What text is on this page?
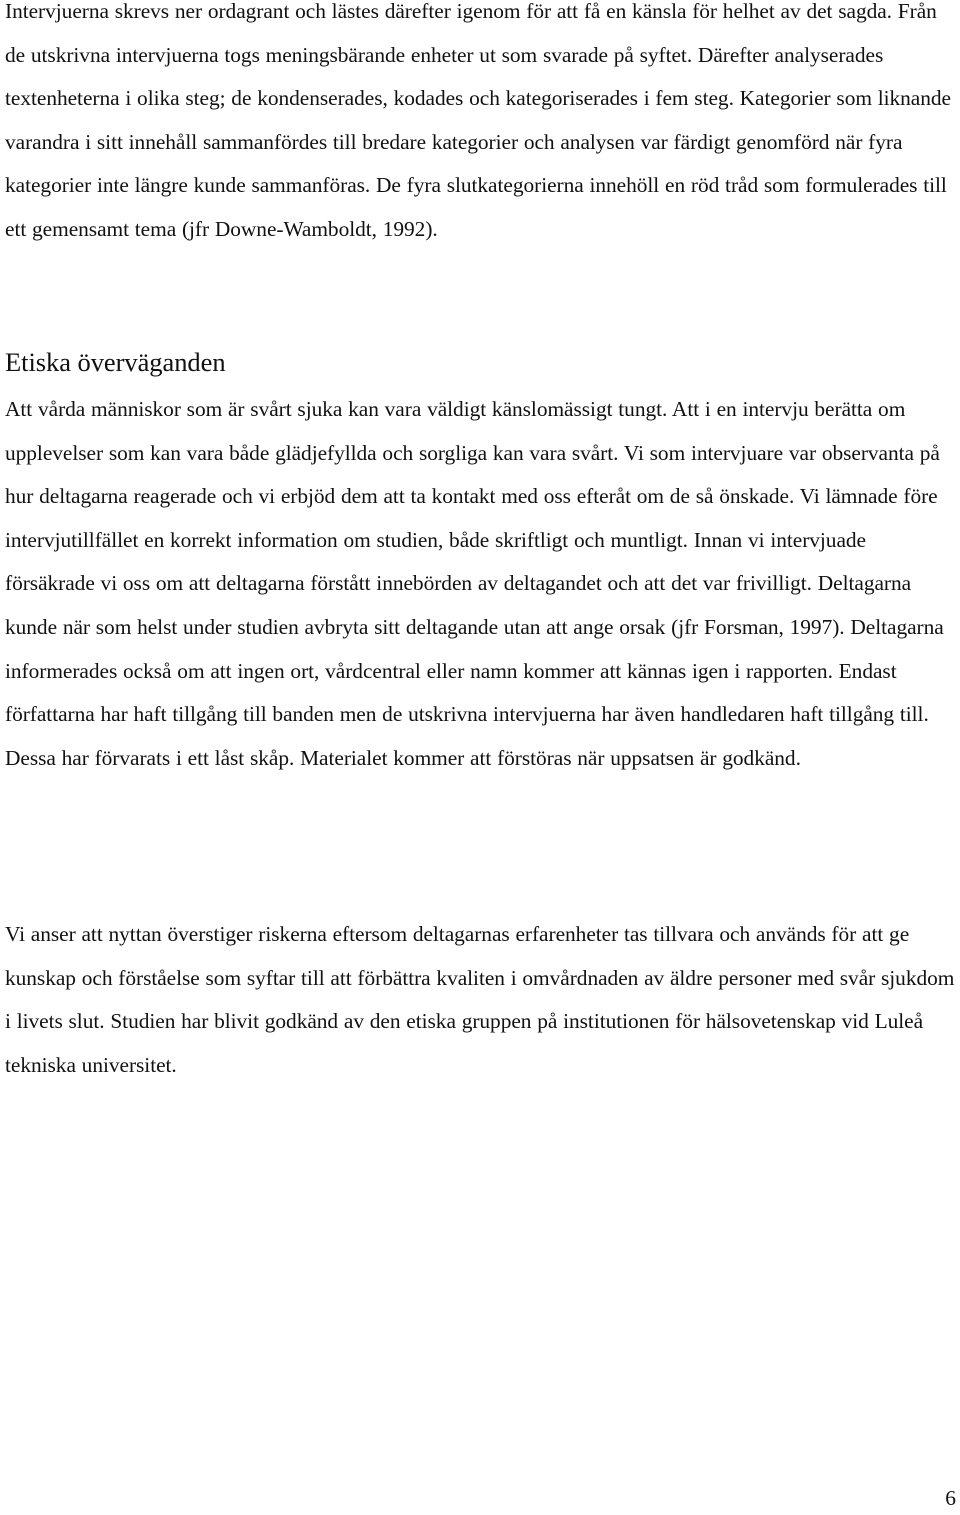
Intervjuerna skrevs ner ordagrant och lästes därefter igenom för att få en känsla för helhet av det sagda. Från de utskrivna intervjuerna togs meningsbärande enheter ut som svarade på syftet. Därefter analyserades textenheterna i olika steg; de kondenserades, kodades och kategoriserades i fem steg. Kategorier som liknande varandra i sitt innehåll sammanfördes till bredare kategorier och analysen var färdigt genomförd när fyra kategorier inte längre kunde sammanföras. De fyra slutkategorierna innehöll en röd tråd som formulerades till ett gemensamt tema (jfr Downe-Wamboldt, 1992).

Etiska överväganden

Att vårda människor som är svårt sjuka kan vara väldigt känslomässigt tungt. Att i en intervju berätta om upplevelser som kan vara både glädjefyllda och sorgliga kan vara svårt. Vi som intervjuare var observanta på hur deltagarna reagerade och vi erbjöd dem att ta kontakt med oss efteråt om de så önskade. Vi lämnade före intervjutillfället en korrekt information om studien, både skriftligt och muntligt. Innan vi intervjuade försäkrade vi oss om att deltagarna förstått innebörden av deltagandet och att det var frivilligt. Deltagarna kunde när som helst under studien avbryta sitt deltagande utan att ange orsak (jfr Forsman, 1997). Deltagarna informerades också om att ingen ort, vårdcentral eller namn kommer att kännas igen i rapporten. Endast författarna har haft tillgång till banden men de utskrivna intervjuerna har även handledaren haft tillgång till. Dessa har förvarats i ett låst skåp. Materialet kommer att förstöras när uppsatsen är godkänd.

Vi anser att nyttan överstiger riskerna eftersom deltagarnas erfarenheter tas tillvara och används för att ge kunskap och förståelse som syftar till att förbättra kvaliten i omvårdnaden av äldre personer med svår sjukdom i livets slut. Studien har blivit godkänd av den etiska gruppen på institutionen för hälsovetenskap vid Luleå tekniska universitet.

6
